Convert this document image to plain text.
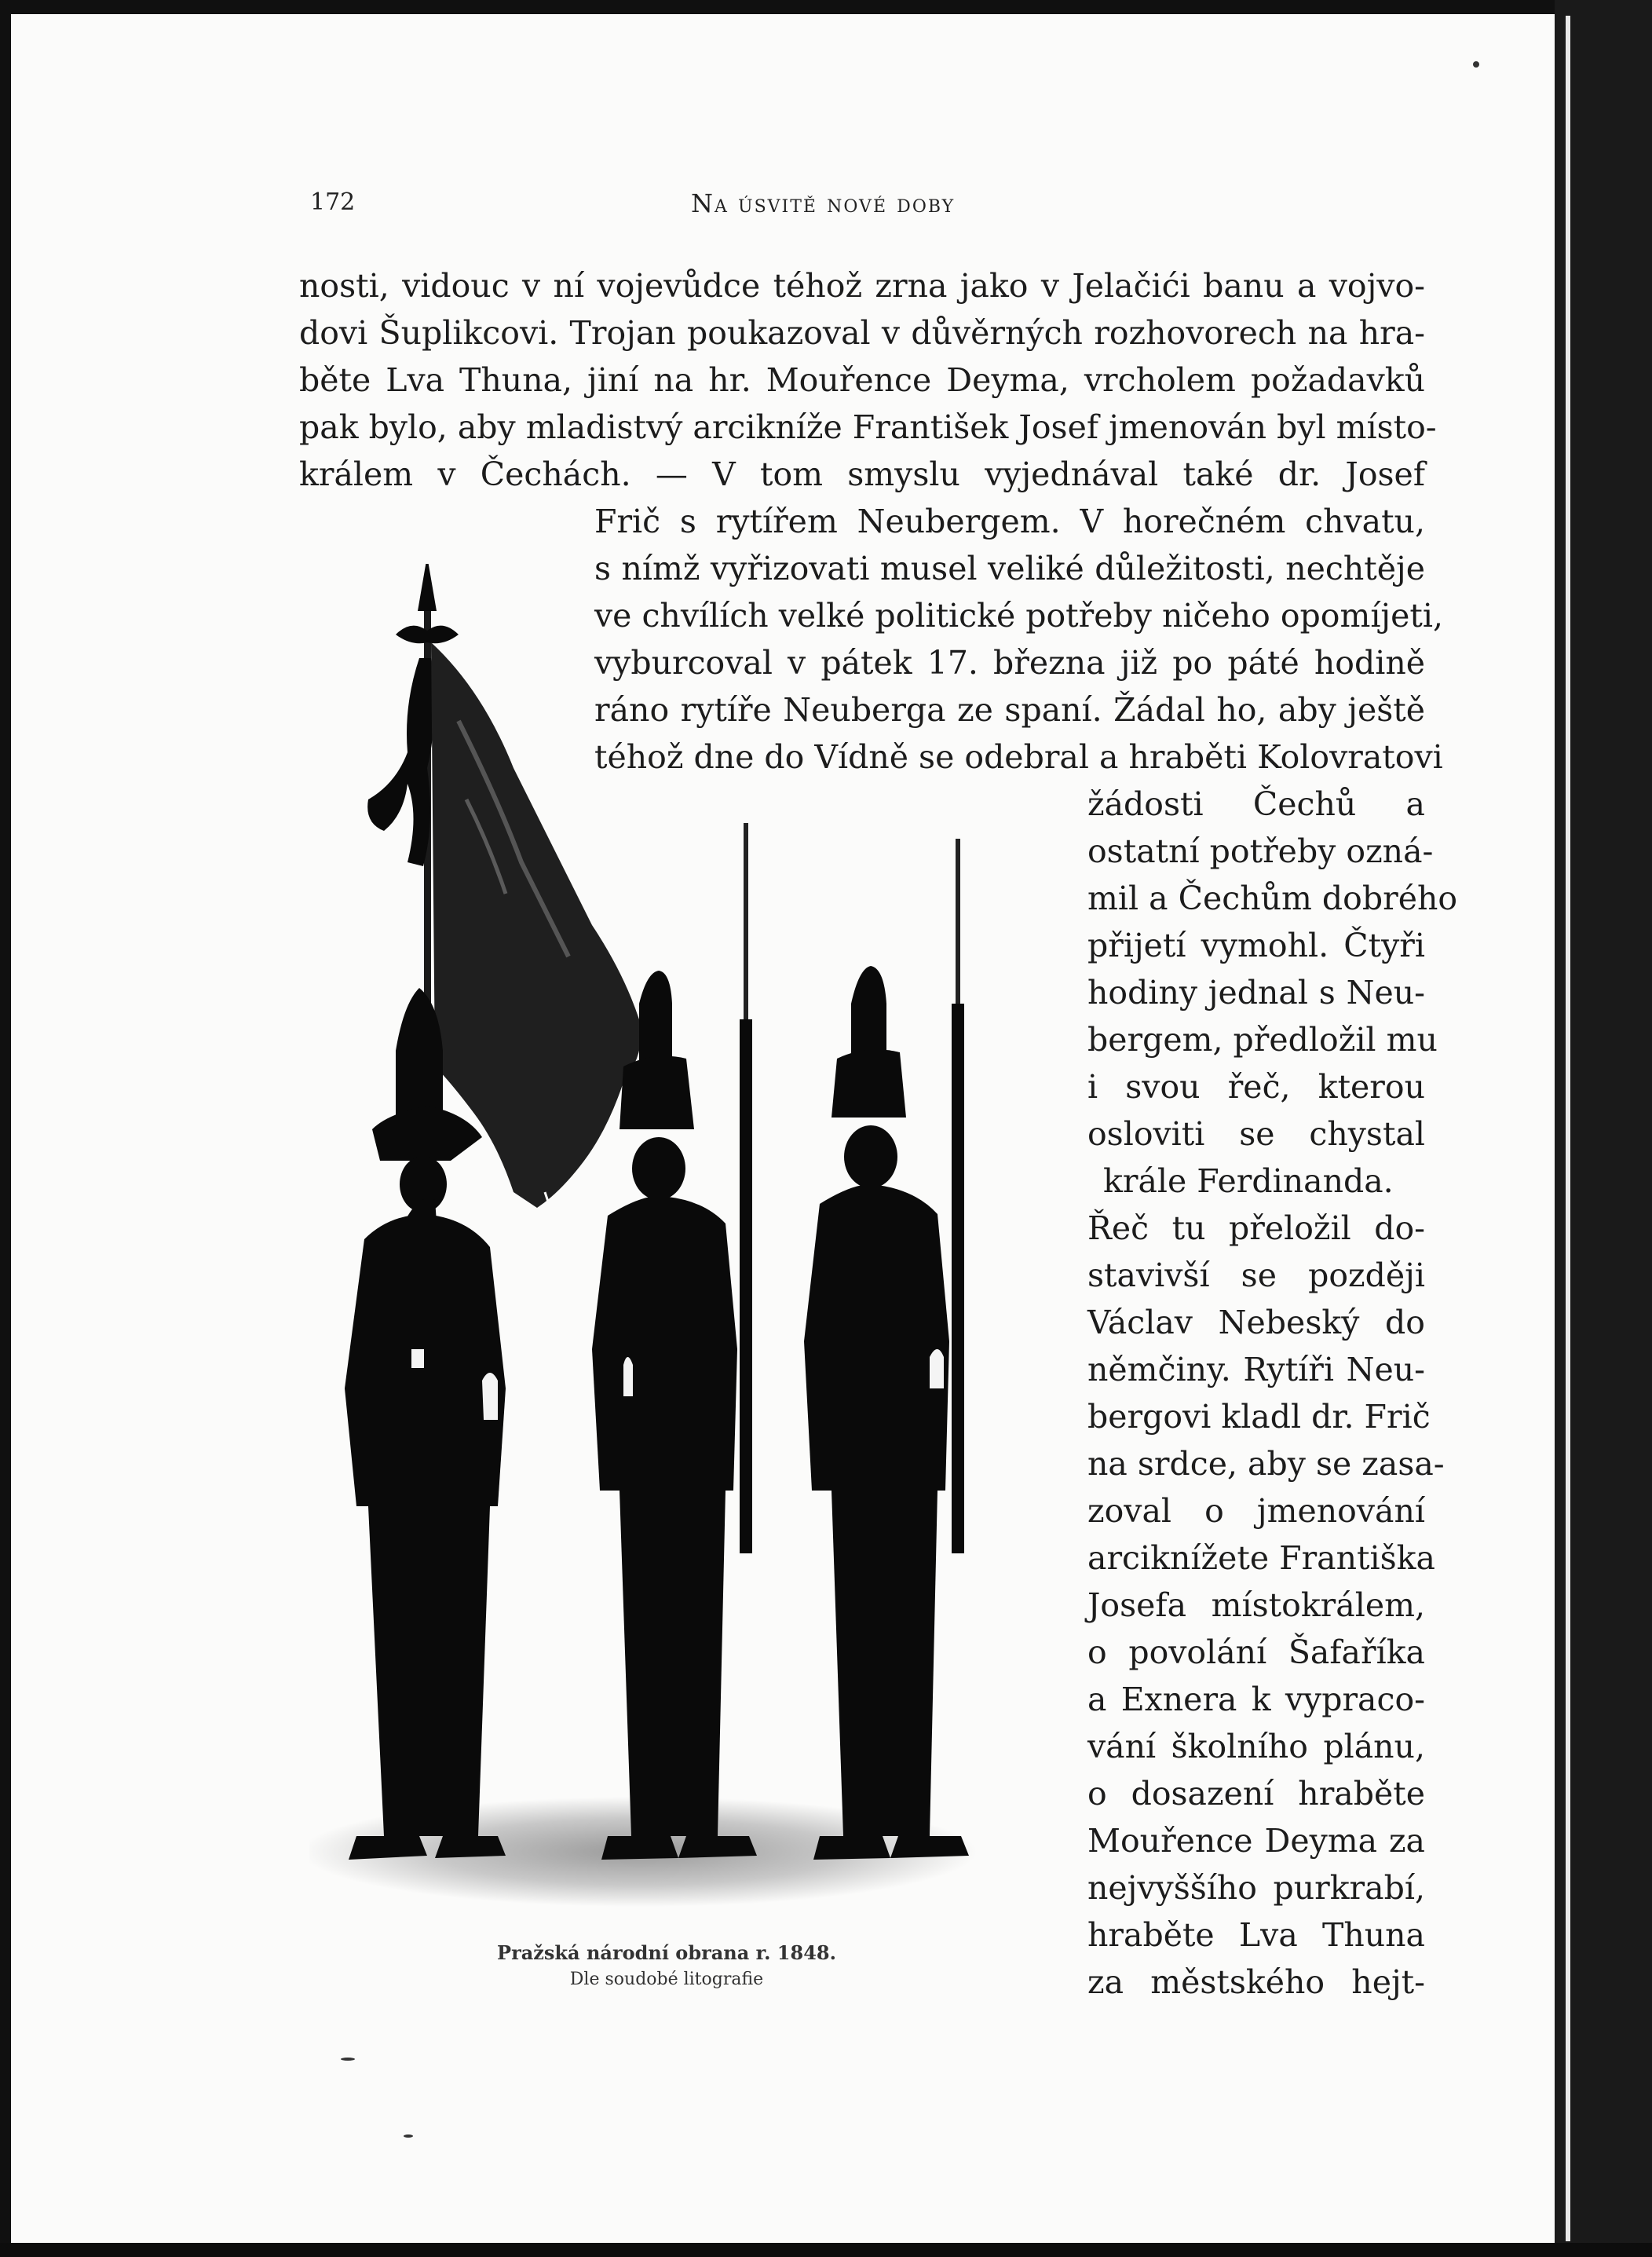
172	Na úsvitě nové doby
nosti, vidouc v ní vojevůdce téhož zrna jako v Jelačići banu a vojvo-
dovi Šuplikcovi. Trojan poukazoval v důvěrných rozhovorech na hra-
běte Lva Thuna, jiní na hr. Mouřence Deyma, vrcholem požadavků
pak bylo, aby mladistvý arcikníže František Josef jmenován byl místo-
králem v Čechách. — V tom smyslu vyjednával také dr. Josef
Frič s rytířem Neubergem. V horečném chvatu,
s nímž vyřizovati musel veliké důležitosti, nechtěje
ve chvílích velké politické potřeby ničeho opomíjeti,
vyburcoval v pátek 17. března již po páté hodině
ráno rytíře Neuberga ze spaní. Žádal ho, aby ještě
téhož dne do Vídně se odebral a hraběti Kolovratovi
žádosti Čechů a
ostatní potřeby ozná-
mil a Čechům dobrého
přijetí vymohl. Čtyři
hodiny jednal s Neu-
bergem, předložil mu
i svou řeč, kterou
osloviti se chystal
krále Ferdinanda.
Řeč tu přeložil do-
stavivší se později
Václav Nebeský do
němčiny. Rytíři Neu-
bergovi kladl dr. Frič
na srdce, aby se zasa-
zoval o jmenování
arciknížete Františka
Josefa místokrálem,
o povolání Šafaříka
a Exnera k vypraco-
vání školního plánu,
o dosazení hraběte
Mouřence Deyma za
nejvyššího purkrabí,
hraběte Lva Thuna
za městského hejt-
Pražská národní obrana r. 1848.
Dle soudobé litografie
